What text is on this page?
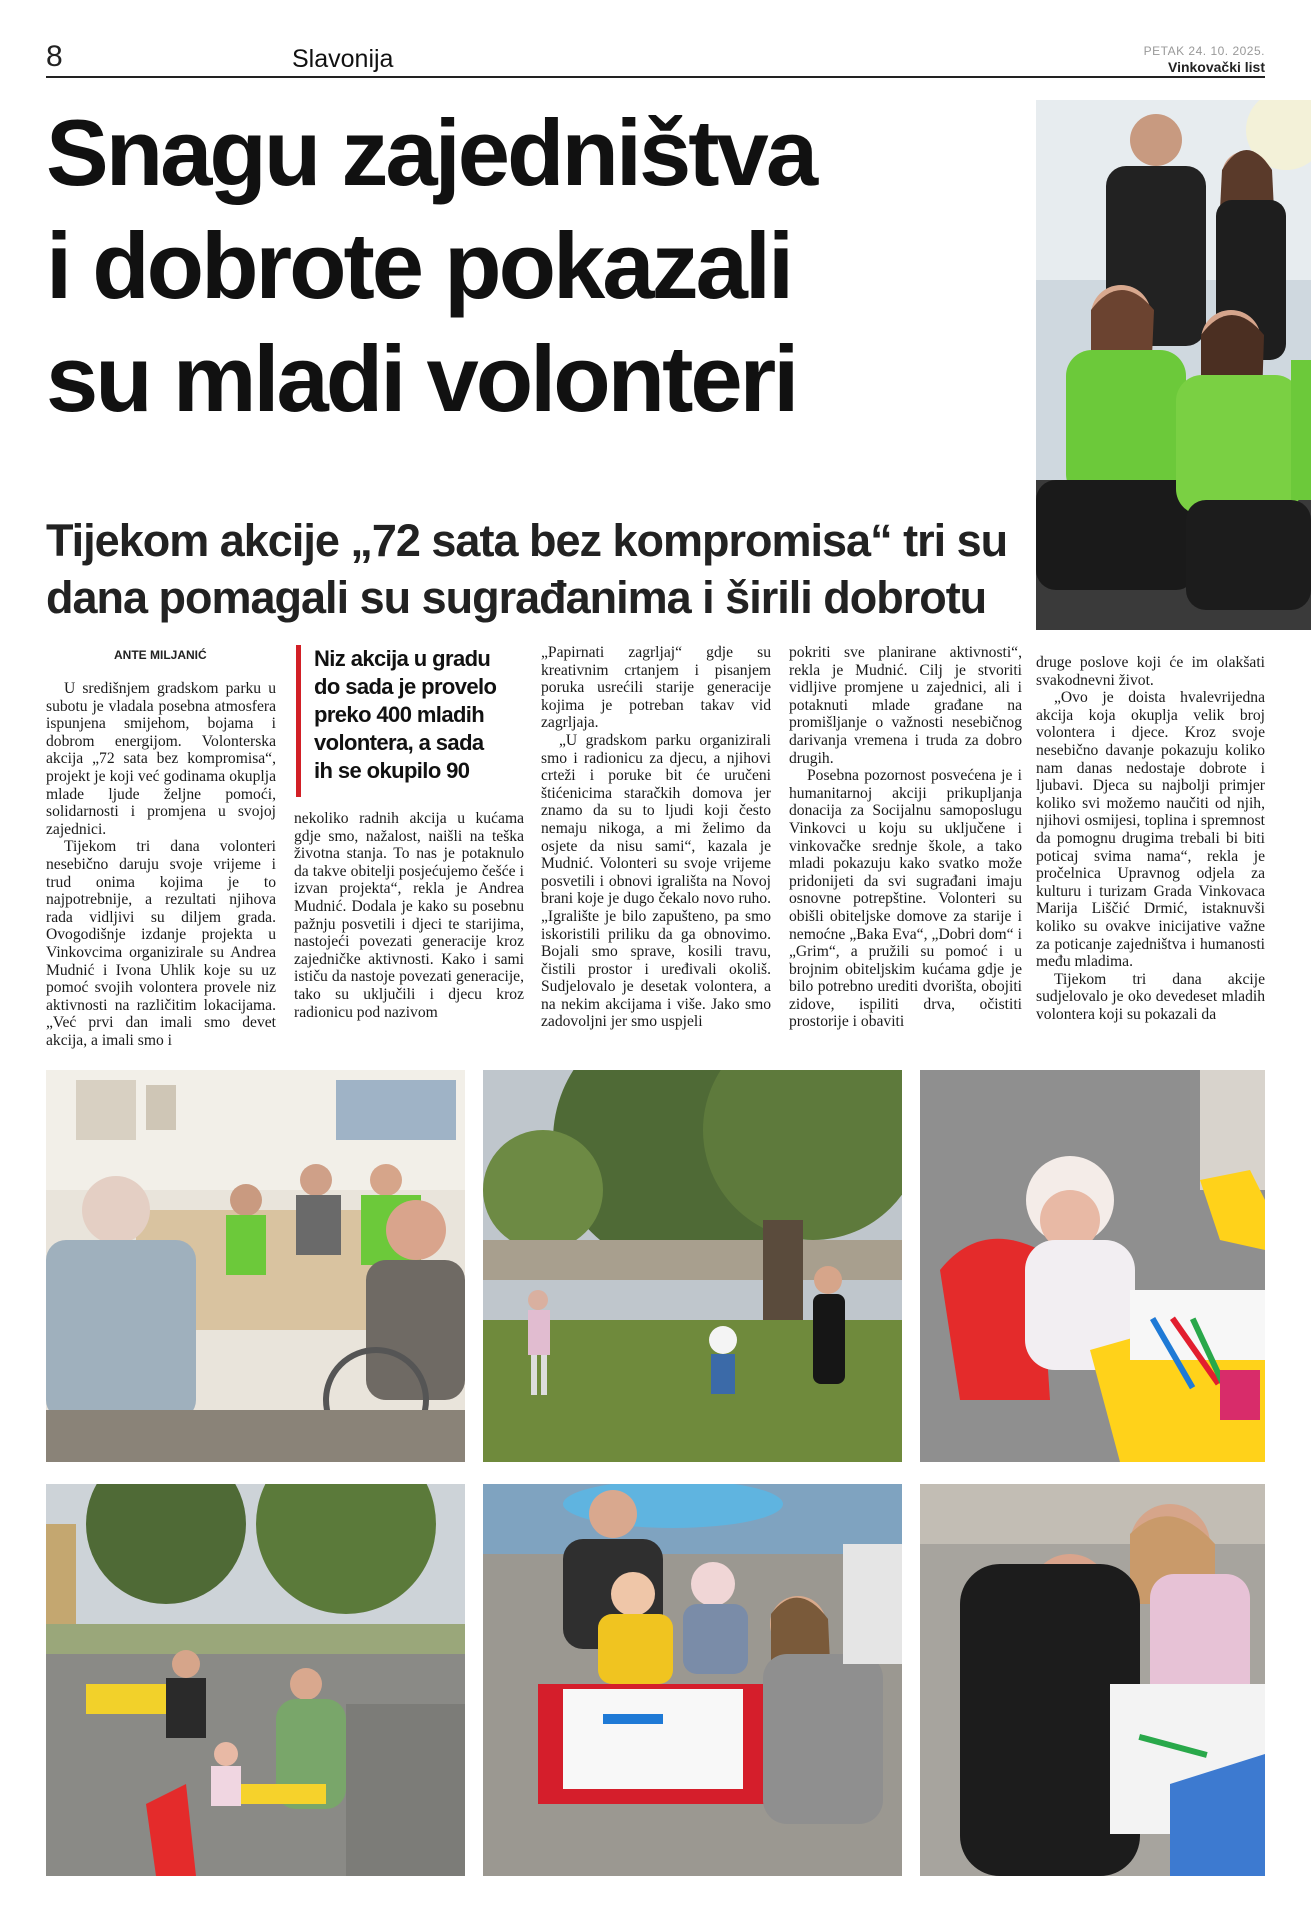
8	Slavonija	PETAK 24. 10. 2025.
Vinkovački list
Snagu zajedništva
i dobrote pokazali
su mladi volonteri
Tijekom akcije „72 sata bez kompromisa“ tri su
dana pomagali su sugrađanima i širili dobrotu
ANTE MILJANIĆ

U središnjem gradskom parku u subotu je vladala posebna atmosfera ispunjena smijehom, bojama i dobrom energijom. Volonterska akcija „72 sata bez kompromisa“, projekt je koji već godinama okuplja mlade ljude željne pomoći, solidarnosti i promjena u svojoj zajednici.

Tijekom tri dana volonteri nesebično daruju svoje vrijeme i trud onima kojima je to najpotrebnije, a rezultati njihova rada vidljivi su diljem grada. Ovogodišnje izdanje projekta u Vinkovcima organizirale su Andrea Mudnić i Ivona Uhlik koje su uz pomoć svojih volontera provele niz aktivnosti na različitim lokacijama. „Već prvi dan imali smo devet akcija, a imali smo i

Niz akcija u gradu
do sada je provelo
preko 400 mladih
volontera, a sada
ih se okupilo 90

nekoliko radnih akcija u kućama gdje smo, nažalost, naišli na teška životna stanja. To nas je potaknulo da takve obitelji posjećujemo češće i izvan projekta“, rekla je Andrea Mudnić. Dodala je kako su posebnu pažnju posvetili i djeci te starijima, nastojeći povezati generacije kroz zajedničke aktivnosti. Kako i sami ističu da nastoje povezati generacije, tako su uključili i djecu kroz radionicu pod nazivom

„Papirnati zagrljaj“ gdje su kreativnim crtanjem i pisanjem poruka usrećili starije generacije kojima je potreban takav vid zagrljaja.

„U gradskom parku organizirali smo i radionicu za djecu, a njihovi crteži i poruke bit će uručeni štićenicima staračkih domova jer znamo da su to ljudi koji često nemaju nikoga, a mi želimo da osjete da nisu sami“, kazala je Mudnić. Volonteri su svoje vrijeme posvetili i obnovi igrališta na Novoj brani koje je dugo čekalo novo ruho. „Igralište je bilo zapušteno, pa smo iskoristili priliku da ga obnovimo. Bojali smo sprave, kosili travu, čistili prostor i uređivali okoliš. Sudjelovalo je desetak volontera, a na nekim akcijama i više. Jako smo zadovoljni jer smo uspjeli

pokriti sve planirane aktivnosti“, rekla je Mudnić. Cilj je stvoriti vidljive promjene u zajednici, ali i potaknuti mlade građane na promišljanje o važnosti nesebičnog darivanja vremena i truda za dobro drugih.

Posebna pozornost posvećena je i humanitarnoj akciji prikupljanja donacija za Socijalnu samoposlugu Vinkovci u koju su uključene i vinkovačke srednje škole, a tako mladi pokazuju kako svatko može pridonijeti da svi sugrađani imaju osnovne potrepštine. Volonteri su obišli obiteljske domove za starije i nemoćne „Baka Eva“, „Dobri dom“ i „Grim“, a pružili su pomoć i u brojnim obiteljskim kućama gdje je bilo potrebno urediti dvorišta, obojiti zidove, ispiliti drva, očistiti prostorije i obaviti

druge poslove koji će im olakšati svakodnevni život.

„Ovo je doista hvalevrijedna akcija koja okuplja velik broj volontera i djece. Kroz svoje nesebično davanje pokazuju koliko nam danas nedostaje dobrote i ljubavi. Djeca su najbolji primjer koliko svi možemo naučiti od njih, njihovi osmijesi, toplina i spremnost da pomognu drugima trebali bi biti poticaj svima nama“, rekla je pročelnica Upravnog odjela za kulturu i turizam Grada Vinkovaca Marija Liščić Drmić, istaknuvši koliko su ovakve inicijative važne za poticanje zajedništva i humanosti među mladima.

Tijekom tri dana akcije sudjelovalo je oko devedeset mladih volontera koji su pokazali da
